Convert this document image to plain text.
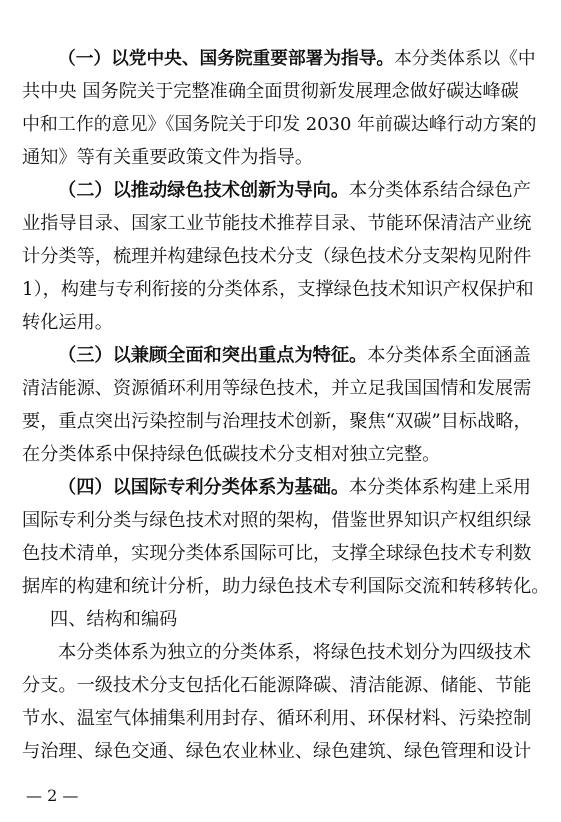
（一）以党中央、国务院重要部署为指导。本分类体系以《中
共中央 国务院关于完整准确全面贯彻新发展理念做好碳达峰碳
中和工作的意见》《国务院关于印发 2030 年前碳达峰行动方案的
通知》等有关重要政策文件为指导。
（二）以推动绿色技术创新为导向。本分类体系结合绿色产
业指导目录、国家工业节能技术推荐目录、节能环保清洁产业统
计分类等，梳理并构建绿色技术分支（绿色技术分支架构见附件
1），构建与专利衔接的分类体系，支撑绿色技术知识产权保护和
转化运用。
（三）以兼顾全面和突出重点为特征。本分类体系全面涵盖
清洁能源、资源循环利用等绿色技术，并立足我国国情和发展需
要，重点突出污染控制与治理技术创新，聚焦“双碳”目标战略，
在分类体系中保持绿色低碳技术分支相对独立完整。
（四）以国际专利分类体系为基础。本分类体系构建上采用
国际专利分类与绿色技术对照的架构，借鉴世界知识产权组织绿
色技术清单，实现分类体系国际可比，支撑全球绿色技术专利数
据库的构建和统计分析，助力绿色技术专利国际交流和转移转化。
四、结构和编码
本分类体系为独立的分类体系，将绿色技术划分为四级技术
分支。一级技术分支包括化石能源降碳、清洁能源、储能、节能
节水、温室气体捕集利用封存、循环利用、环保材料、污染控制
与治理、绿色交通、绿色农业林业、绿色建筑、绿色管理和设计
— 2 —
